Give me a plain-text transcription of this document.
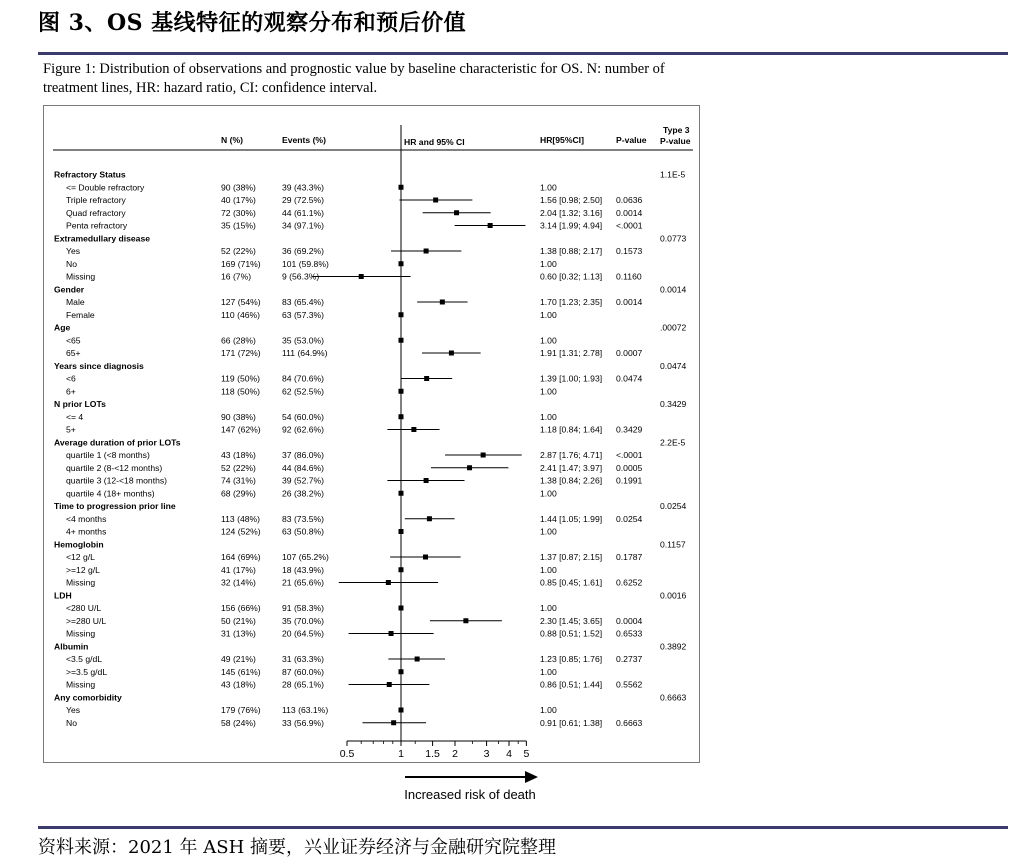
图 3、OS 基线特征的观察分布和预后价值
Figure 1: Distribution of observations and prognostic value by baseline characteristic for OS. N: number of treatment lines, HR: hazard ratio, CI: confidence interval.
N (%)	Events (%)	HR and 95% CI	HR[95%CI]	P-value
Type 3
P-value
Refractory Status	1.1E-5
<= Double refractory	90 (38%)	39 (43.3%)	1.00
Triple refractory	40 (17%)	29 (72.5%)	1.56 [0.98; 2.50] 0.0636
Quad refractory	72 (30%)	44 (61.1%)	2.04 [1.32; 3.16] 0.0014
Penta refractory	35 (15%)	34 (97.1%)	3.14 [1.99; 4.94] <.0001
Extramedullary disease	0.0773
Yes	52 (22%)	36 (69.2%)	1.38 [0.88; 2.17] 0.1573
No	169 (71%) 101 (59.8%)	1.00
Missing	16 (7%)	9 (56.3%)	0.60 [0.32; 1.13] 0.1160
Gender	0.0014
Male	127 (54%) 83 (65.4%)	1.70 [1.23; 2.35] 0.0014
Female	110 (46%)	63 (57.3%)	1.00
Age	.00072
<65	66 (28%)	35 (53.0%)	1.00
65+	171 (72%) 111 (64.9%)	1.91 [1.31; 2.78] 0.0007
Years since diagnosis	0.0474
<6	119 (50%)	84 (70.6%)	1.39 [1.00; 1.93] 0.0474
6+	118 (50%)	62 (52.5%)	1.00
N prior LOTs	0.3429
<= 4	90 (38%)	54 (60.0%)	1.00
5+	147 (62%) 92 (62.6%)	1.18 [0.84; 1.64] 0.3429
Average duration of prior LOTs	2.2E-5
quartile 1 (<8 months)	43 (18%)	37 (86.0%)	2.87 [1.76; 4.71] <.0001
quartile 2 (8-<12 months)	52 (22%)	44 (84.6%)	2.41 [1.47; 3.97] 0.0005
quartile 3 (12-<18 months)	74 (31%)	39 (52.7%)	1.38 [0.84; 2.26] 0.1991
quartile 4 (18+ months)	68 (29%)	26 (38.2%)	1.00
Time to progression prior line	0.0254
<4 months	113 (48%)	83 (73.5%)	1.44 [1.05; 1.99] 0.0254
4+ months	124 (52%) 63 (50.8%)	1.00
Hemoglobin	0.1157
<12 g/L	164 (69%) 107 (65.2%)	1.37 [0.87; 2.15] 0.1787
>=12 g/L	41 (17%)	18 (43.9%)	1.00
Missing	32 (14%)	21 (65.6%)	0.85 [0.45; 1.61] 0.6252
LDH	0.0016
<280 U/L	156 (66%) 91 (58.3%)	1.00
>=280 U/L	50 (21%)	35 (70.0%)	2.30 [1.45; 3.65] 0.0004
Missing	31 (13%)	20 (64.5%)	0.88 [0.51; 1.52] 0.6533
Albumin	0.3892
<3.5 g/dL	49 (21%)	31 (63.3%)	1.23 [0.85; 1.76] 0.2737
>=3.5 g/dL	145 (61%) 87 (60.0%)	1.00
Missing	43 (18%)	28 (65.1%)	0.86 [0.51; 1.44] 0.5562
Any comorbidity	0.6663
Yes	179 (76%) 113 (63.1%)	1.00
No	58 (24%)	33 (56.9%)	0.91 [0.61; 1.38] 0.6663
0.5	1 1.5 2 3 4 5
Increased risk of death
资料来源：2021 年 ASH 摘要，兴业证券经济与金融研究院整理
